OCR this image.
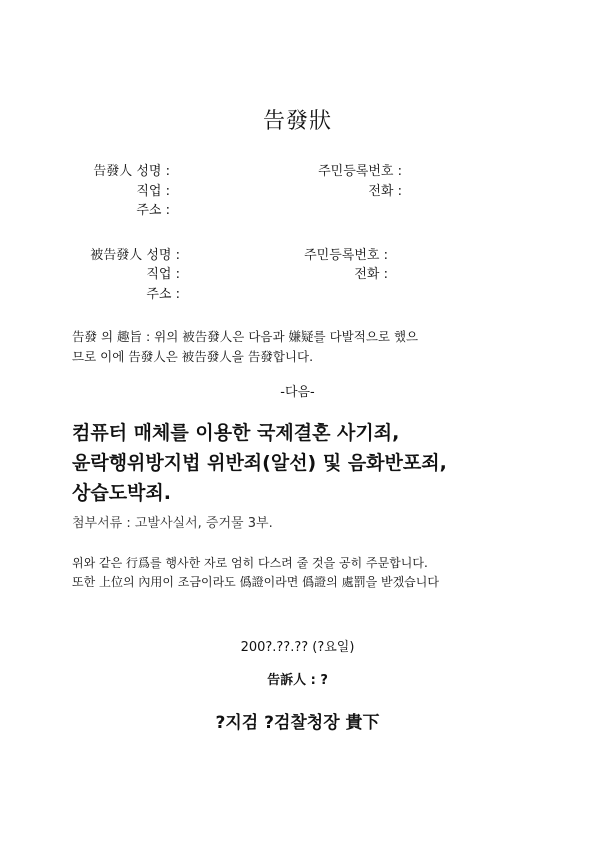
告發狀
告發人 성명 :
직업 :
주소 :
주민등록번호 :
전화 :
被告發人 성명 :
직업 :
주소 :
주민등록번호 :
전화 :
告發 의 趣旨 : 위의 被告發人은 다음과 嫌疑를 다발적으로 했으
므로 이에 告發人은 被告發人을 告發합니다.
-다음-
컴퓨터 매체를 이용한 국제결혼 사기죄,
윤락행위방지법 위반죄(알선) 및 음화반포죄,
상습도박죄.
첨부서류 : 고발사실서, 증거물 3부.
위와 같은 行爲를 행사한 자로 엄히 다스려 줄 것을 공히 주문합니다.
또한 上位의 內用이 조금이라도 僞證이라면 僞證의 處罰을 받겠습니다
200?.??.?? (?요일)
告訴人 : ?
?지검 ?검찰청장 貴下
